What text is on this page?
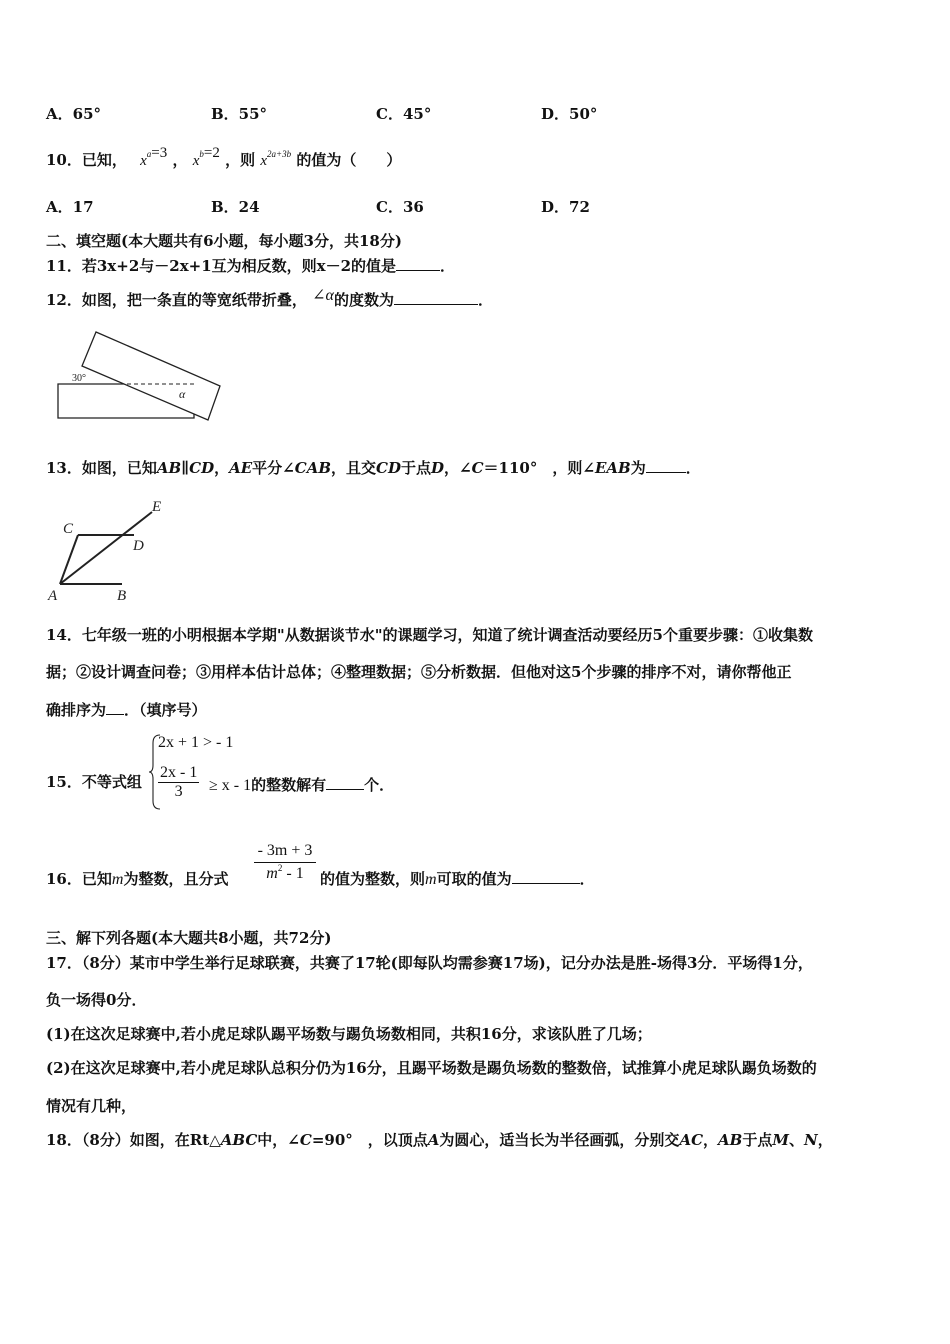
A．65°	B．55°	C．45°	D．50°
10．已知， $x^a=3$ ， $x^b=2$ ，则 $x^{2a+3b}$ 的值为（　　）
A．17	C．36
B．24	D．72
二、填空题(本大题共有6小题，每小题3分，共18分)
11．若3x+2与－2x+1互为相反数，则x－2的值是	．
12．如图，把一条直的等宽纸带折叠， ∠α的度数为	．
30°
α
13．如图，已知AB∥CD，AE平分∠CAB，且交CD于点D，∠C＝110°　，则∠EAB为	．
E
C
D
A	B
14．七年级一班的小明根据本学期"从数据谈节水"的课题学习，知道了统计调查活动要经历5个重要步骤：①收集数
据；②设计调查问卷；③用样本估计总体；④整理数据；⑤分析数据．但他对这5个步骤的排序不对，请你帮他正
确排序为 ．（填序号）
15．不等式组
2x + 1 > - 1
$\frac{2x - 1}{3} \ge x - 1$的整数解有	个．
16．已知m为整数，且分式 $\frac{- 3m + 3}{m^2 - 1}$ 的值为整数，则m可取的值为	．
三、解下列各题(本大题共8小题，共72分)
17．（8分）某市中学生举行足球联赛，共赛了17轮(即每队均需参赛17场)，记分办法是胜-场得3分．平场得1分，
负一场得0分．
(1)在这次足球赛中,若小虎足球队踢平场数与踢负场数相同，共积16分，求该队胜了几场；
(2)在这次足球赛中,若小虎足球队总积分仍为16分，且踢平场数是踢负场数的整数倍，试推算小虎足球队踢负场数的
情况有几种，
18．（8分）如图，在Rt△ABC中，∠C=90°　，以顶点A为圆心，适当长为半径画弧，分别交AC，AB于点M、N，
